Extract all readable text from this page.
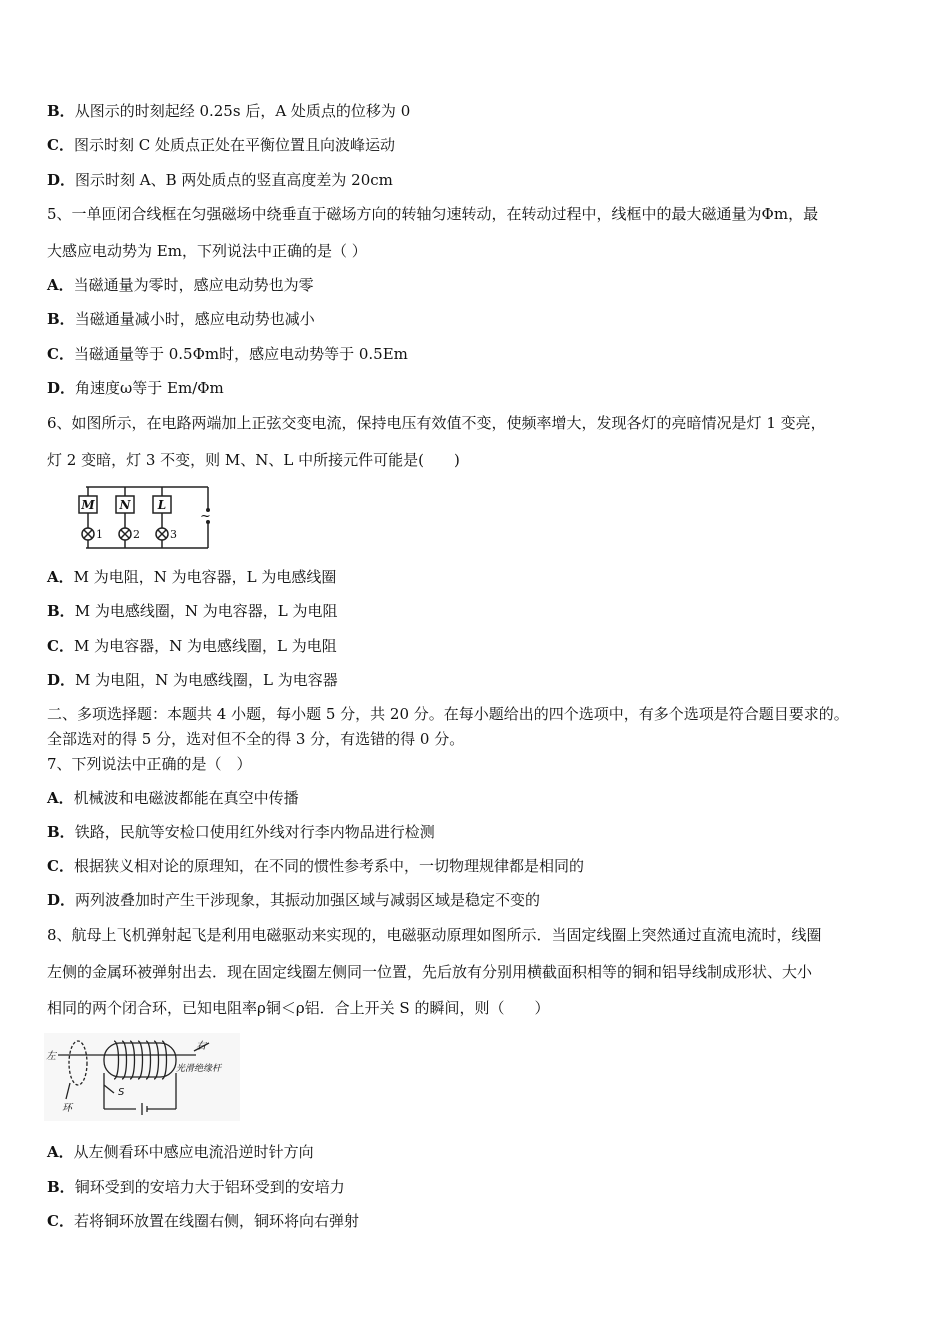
B．从图示的时刻起经 0.25s 后，A 处质点的位移为 0
C．图示时刻 C 处质点正处在平衡位置且向波峰运动
D．图示时刻 A、B 两处质点的竖直高度差为 20cm
5、一单匝闭合线框在匀强磁场中绕垂直于磁场方向的转轴匀速转动，在转动过程中，线框中的最大磁通量为Φm，最
大感应电动势为 Em，下列说法中正确的是（ ）
A．当磁通量为零时，感应电动势也为零
B．当磁通量减小时，感应电动势也减小
C．当磁通量等于 0.5Φm时，感应电动势等于 0.5Em
D．角速度ω等于 Em/Φm
6、如图所示，在电路两端加上正弦交变电流，保持电压有效值不变，使频率增大，发现各灯的亮暗情况是灯 1 变亮，
灯 2 变暗，灯 3 不变，则 M、N、L 中所接元件可能是(　　)
M N L
1	2	3
~
A．M 为电阻，N 为电容器，L 为电感线圈
B．M 为电感线圈，N 为电容器，L 为电阻
C．M 为电容器，N 为电感线圈，L 为电阻
D．M 为电阻，N 为电感线圈，L 为电容器
二、多项选择题：本题共 4 小题，每小题 5 分，共 20 分。在每小题给出的四个选项中，有多个选项是符合题目要求的。
全部选对的得 5 分，选对但不全的得 3 分，有选错的得 0 分。
7、下列说法中正确的是（　）
A．机械波和电磁波都能在真空中传播
B．铁路，民航等安检口使用红外线对行李内物品进行检测
C．根据狭义相对论的原理知，在不同的惯性参考系中，一切物理规律都是相同的
D．两列波叠加时产生干涉现象，其振动加强区域与减弱区域是稳定不变的
8、航母上飞机弹射起飞是利用电磁驱动来实现的，电磁驱动原理如图所示．当固定线圈上突然通过直流电流时，线圈
左侧的金属环被弹射出去．现在固定线圈左侧同一位置，先后放有分别用横截面积相等的铜和铝导线制成形状、大小
相同的两个闭合环，已知电阻率ρ铜＜ρ铝．合上开关 S 的瞬间，则（　　）
左
右
光滑绝缘杆
环
S
A．从左侧看环中感应电流沿逆时针方向
B．铜环受到的安培力大于铝环受到的安培力
C．若将铜环放置在线圈右侧，铜环将向右弹射
